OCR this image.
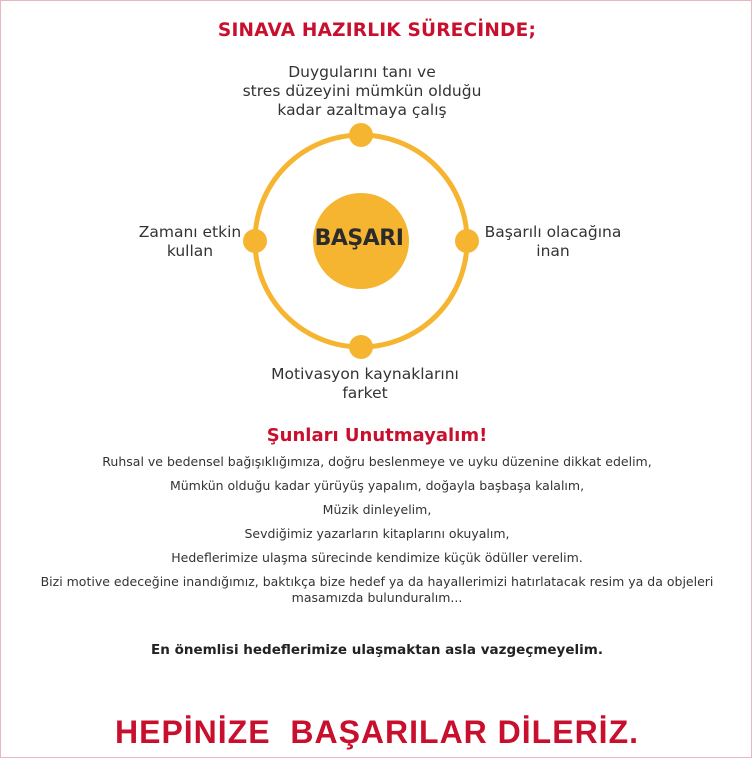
SINAVA HAZIRLIK SÜRECİNDE;
BAŞARI
Duygularını tanı ve
stres düzeyini mümkün olduğu
kadar azaltmaya çalış
Zamanı etkin
kullan
Başarılı olacağına
inan
Motivasyon kaynaklarını
farket
Şunları Unutmayalım!
Ruhsal ve bedensel bağışıklığımıza, doğru beslenmeye ve uyku düzenine dikkat edelim,
Mümkün olduğu kadar yürüyüş yapalım, doğayla başbaşa kalalım,
Müzik dinleyelim,
Sevdiğimiz yazarların kitaplarını okuyalım,
Hedeflerimize ulaşma sürecinde kendimize küçük ödüller verelim.
Bizi motive edeceğine inandığımız, baktıkça bize hedef ya da hayallerimizi hatırlatacak resim ya da objeleri masamızda bulunduralım...
En önemlisi hedeflerimize ulaşmaktan asla vazgeçmeyelim.
HEPİNİZE  BAŞARILAR DİLERİZ.
